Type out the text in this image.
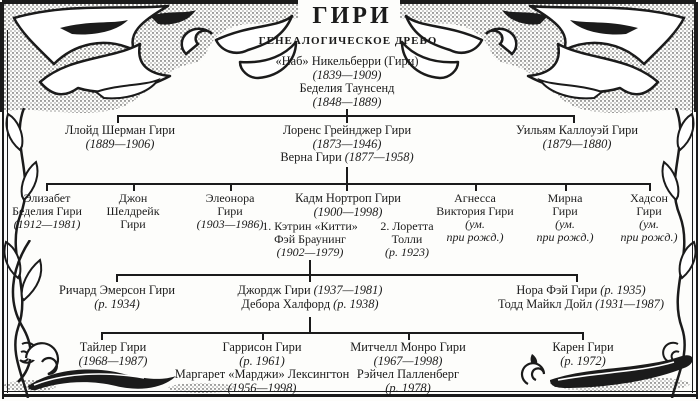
ГИРИ
ГЕНЕАЛОГИЧЕСКОЕ ДРЕВО
«Наб» Никельберри (Гири)
(1839—1909)
Беделия Таунсенд
(1848—1889)
Ллойд Шерман Гири
(1889—1906)
Лоренс Грейнджер Гири
(1873—1946)
Верна Гири (1877—1958)
Уильям Каллоуэй Гири
(1879—1880)
Элизабет
Беделия Гири
(1912—1981)
Джон
Шелдрейк
Гири
Элеонора
Гири
(1903—1986)
Кадм Нортроп Гири
(1900—1998)
1. Кэтрин «Китти»
Фэй Браунинг
(1902—1979)
2. Лоретта
Толли
(р. 1923)
Агнесса
Виктория Гири
(ум.
при рожд.)
Мирна
Гири
(ум.
при рожд.)
Хадсон
Гири
(ум.
при рожд.)
Ричард Эмерсон Гири
(р. 1934)
Джордж Гири (1937—1981)
Дебора Халфорд (р. 1938)
Нора Фэй Гири (р. 1935)
Тодд Майкл Дойл (1931—1987)
Тайлер Гири
(1968—1987)
Гаррисон Гири
(р. 1961)
Маргарет «Марджи» Лексингтон
(1956—1998)
Митчелл Монро Гири
(1967—1998)
Рэйчел Палленберг
(р. 1978)
Карен Гири
(р. 1972)
